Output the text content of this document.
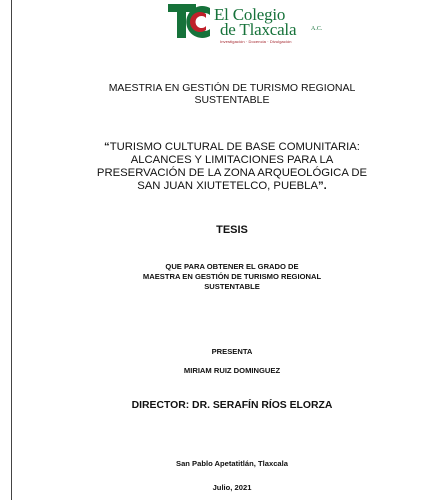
El Colegio
de Tlaxcala A.C.
Investigación · Docencia · Divulgación
MAESTRIA EN GESTIÓN DE TURISMO REGIONAL
SUSTENTABLE
“TURISMO CULTURAL DE BASE COMUNITARIA:
ALCANCES Y LIMITACIONES PARA LA
PRESERVACIÓN DE LA ZONA ARQUEOLÓGICA DE
SAN JUAN XIUTETELCO, PUEBLA”.
TESIS
QUE PARA OBTENER EL GRADO DE
MAESTRA EN GESTIÓN DE TURISMO REGIONAL
SUSTENTABLE
PRESENTA
MIRIAM RUIZ DOMINGUEZ
DIRECTOR: DR. SERAFÍN RÍOS ELORZA
San Pablo Apetatitlán, Tlaxcala
Julio, 2021
